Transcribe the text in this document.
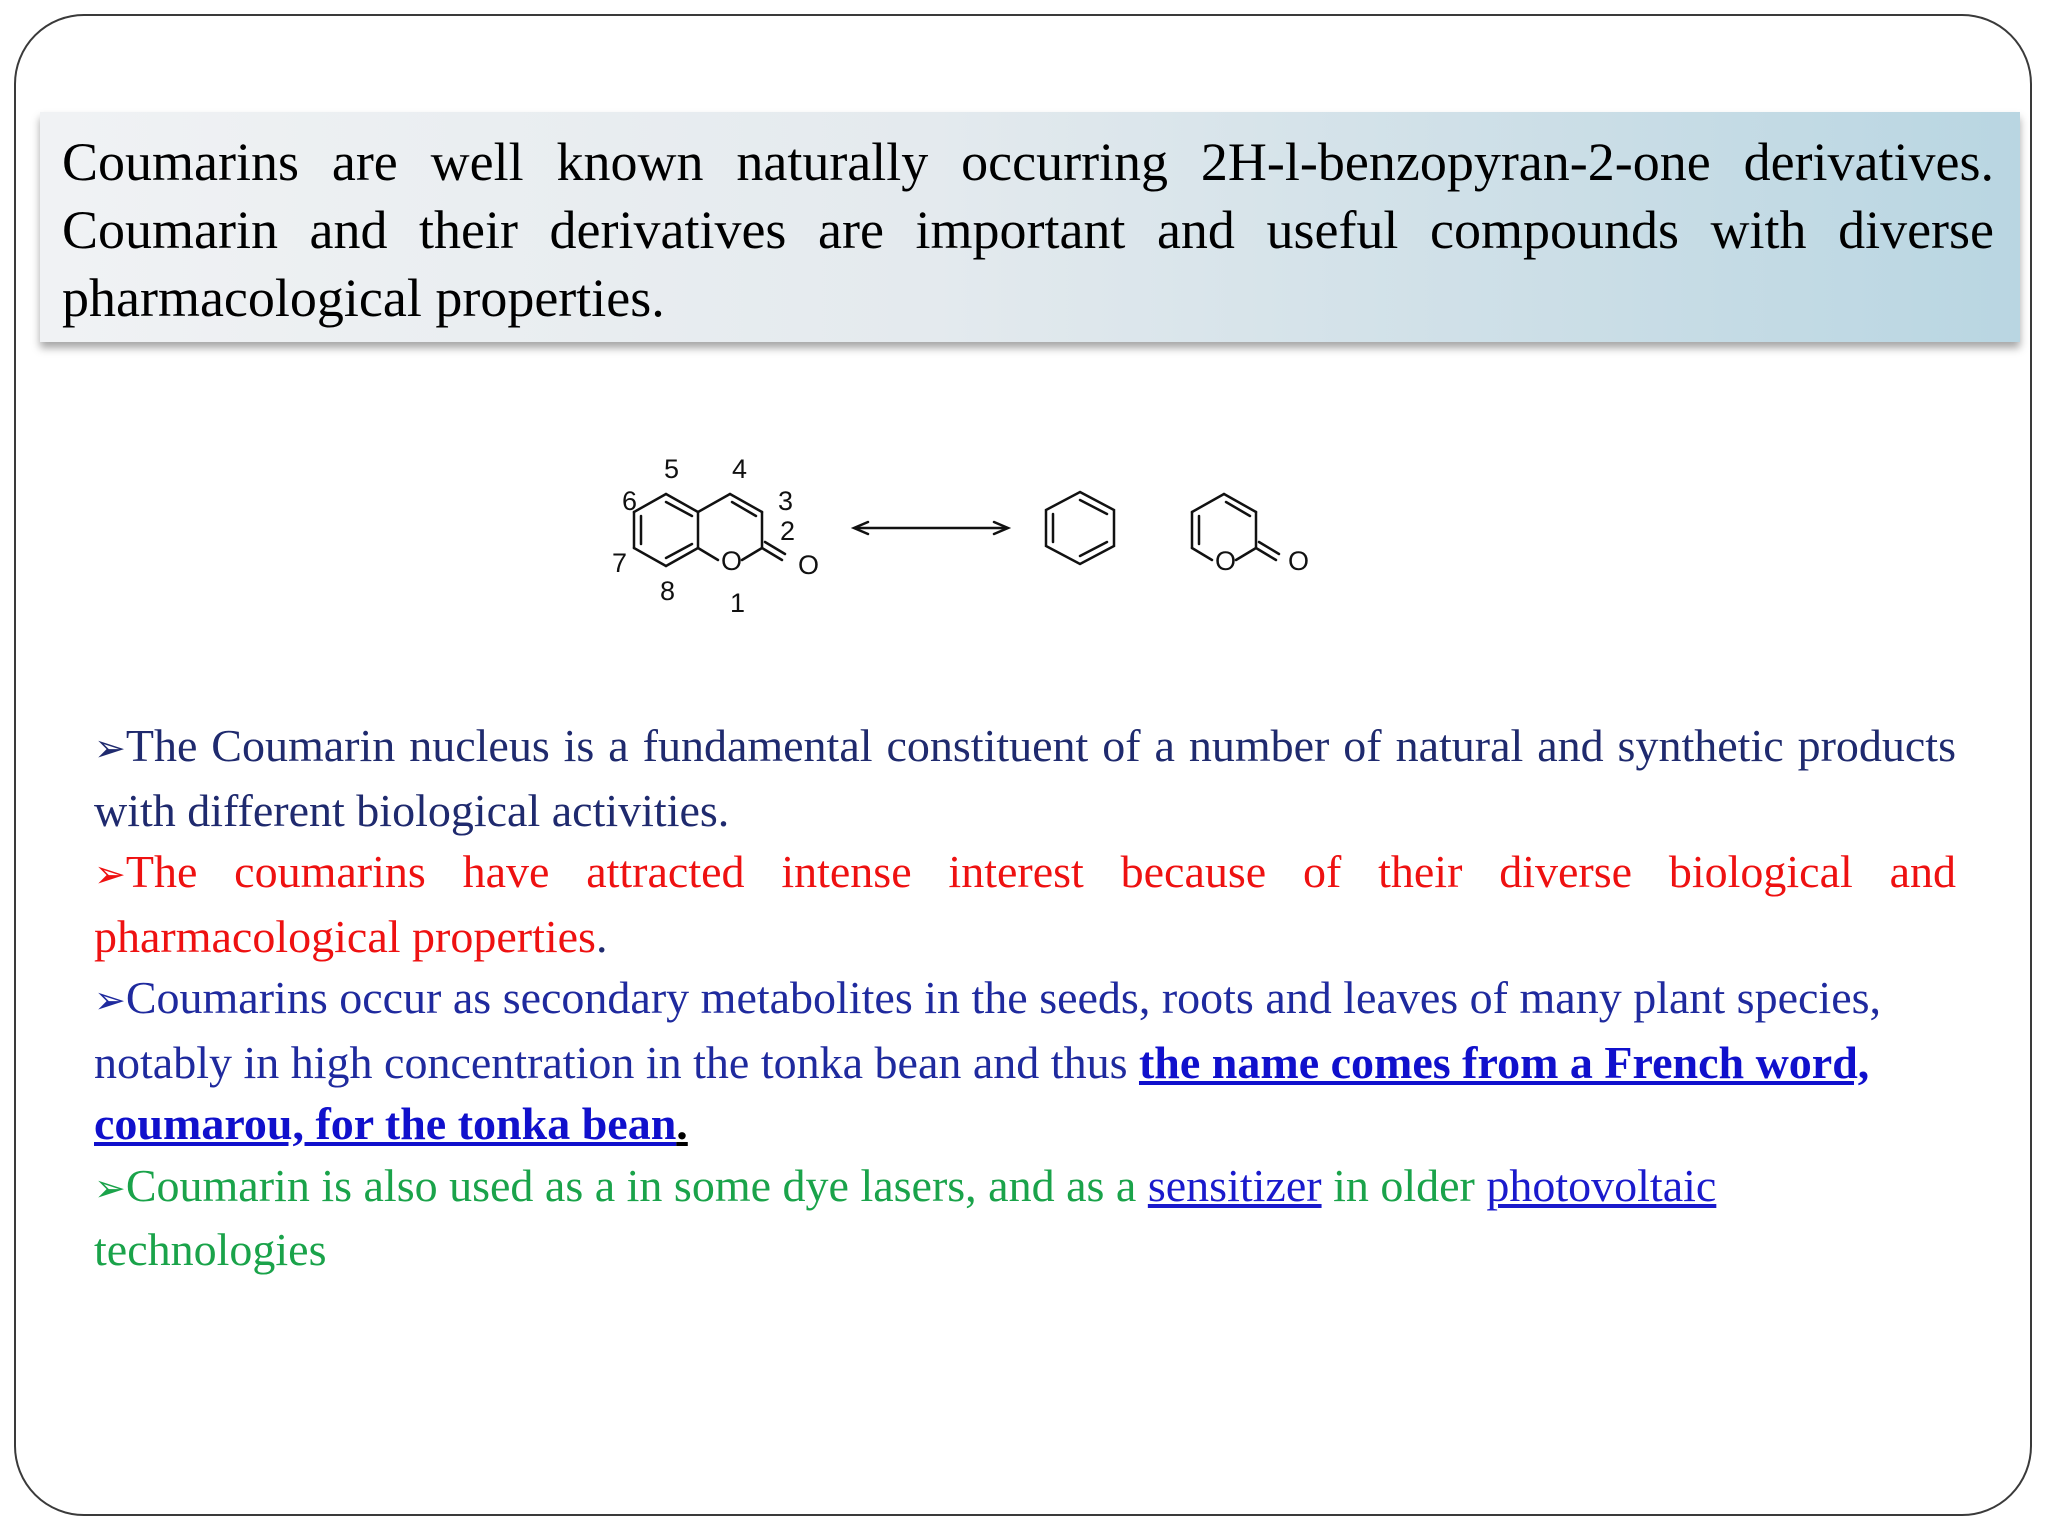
Coumarins are well known naturally occurring 2H-l-benzopyran-2-one derivatives. Coumarin and their derivatives are important and useful compounds with diverse pharmacological properties.

6
7
8
5 4
3
2
1
O O	O O

➢The Coumarin nucleus is a fundamental constituent of a number of natural and synthetic products with different biological activities.

➢The coumarins have attracted intense interest because of their diverse biological and pharmacological properties.

➢Coumarins occur as secondary metabolites in the seeds, roots and leaves of many plant species, notably in high concentration in the tonka bean and thus the name comes from a French word, coumarou, for the tonka bean.

➢Coumarin is also used as a in some dye lasers, and as a sensitizer in older photovoltaic technologies
